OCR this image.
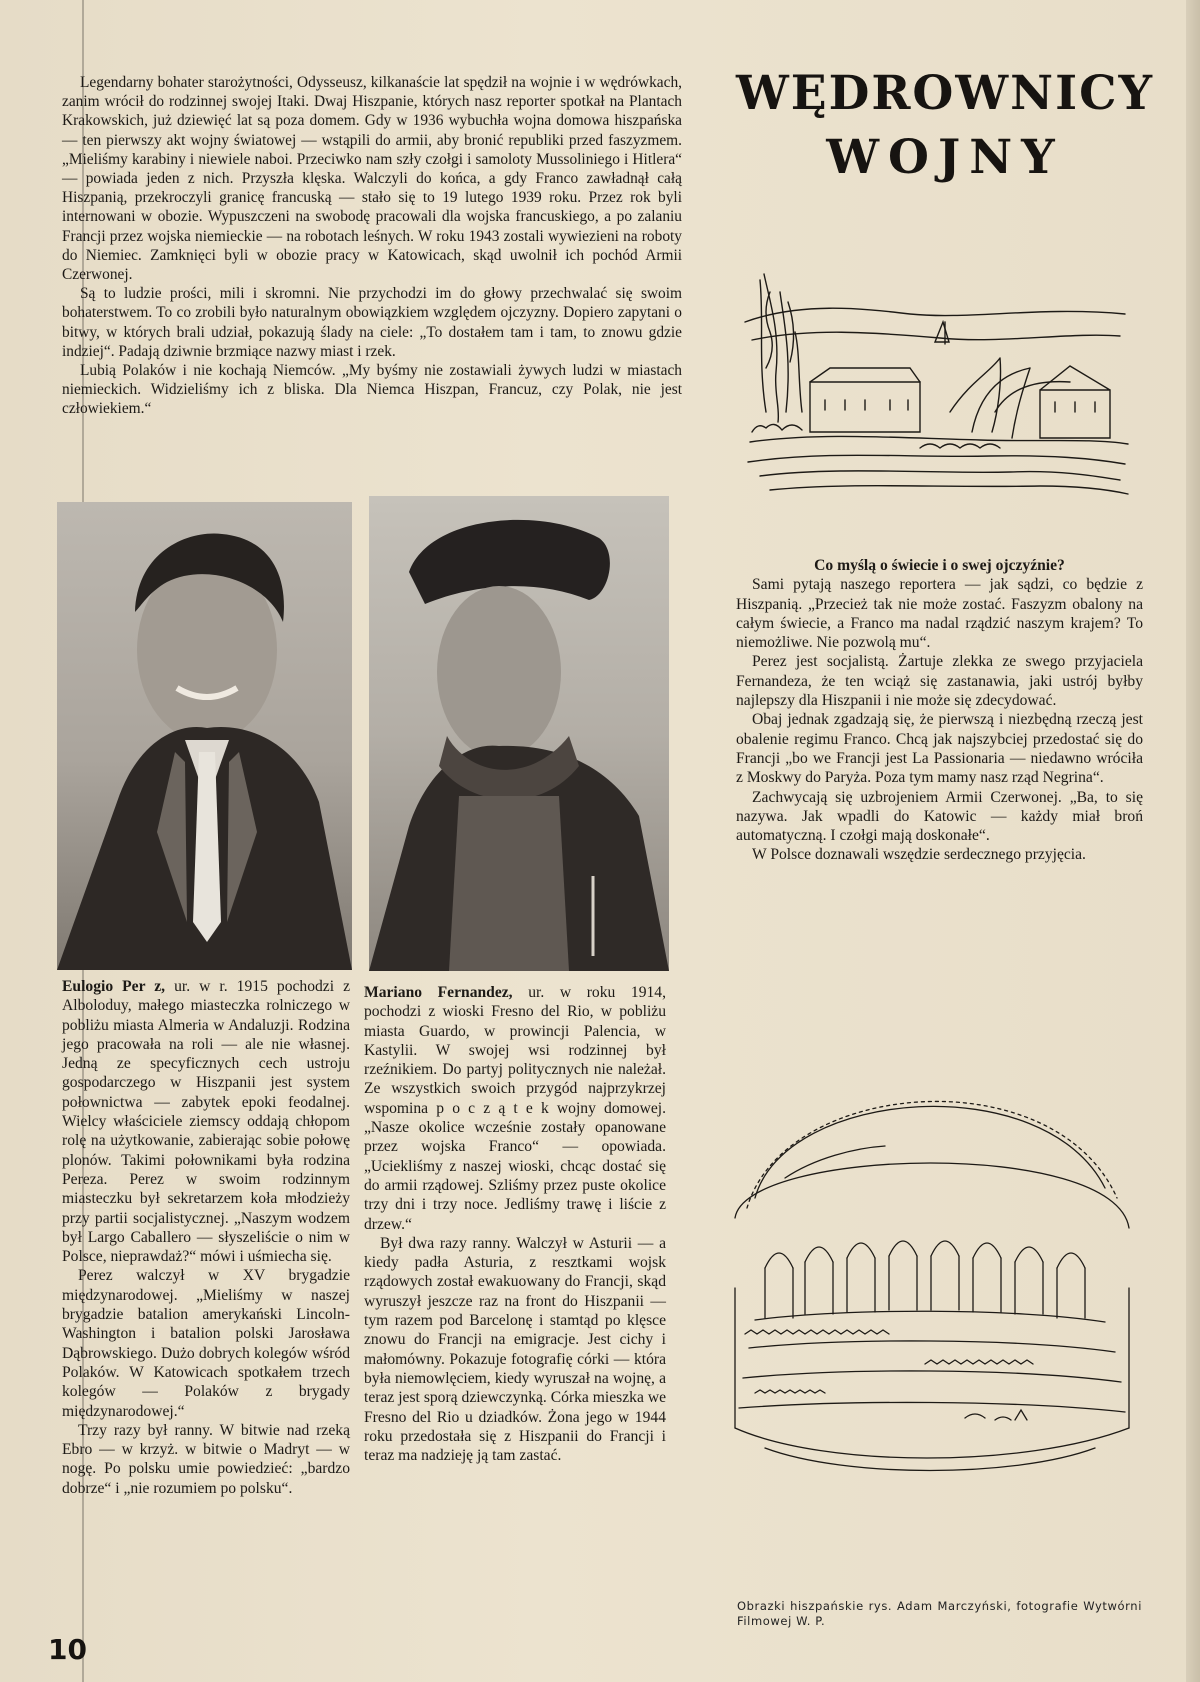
Legendarny bohater starożytności, Odysseusz, kilkanaście lat spędził na wojnie i w wędrówkach, zanim wrócił do rodzinnej swojej Itaki. Dwaj Hiszpanie, których nasz reporter spotkał na Plantach Krakowskich, już dziewięć lat są poza domem. Gdy w 1936 wybuchła wojna domowa hiszpańska — ten pierwszy akt wojny światowej — wstąpili do armii, aby bronić republiki przed faszyzmem. „Mieliśmy karabiny i niewiele naboi. Przeciwko nam szły czołgi i samoloty Mussoliniego i Hitlera“ — powiada jeden z nich. Przyszła klęska. Walczyli do końca, a gdy Franco zawładnął całą Hiszpanią, przekroczyli granicę francuską — stało się to 19 lutego 1939 roku. Przez rok byli internowani w obozie. Wypuszczeni na swobodę pracowali dla wojska francuskiego, a po zalaniu Francji przez wojska niemieckie — na robotach leśnych. W roku 1943 zostali wywiezieni na roboty do Niemiec. Zamknięci byli w obozie pracy w Katowicach, skąd uwolnił ich pochód Armii Czerwonej.

Są to ludzie prości, mili i skromni. Nie przychodzi im do głowy przechwalać się swoim bohaterstwem. To co zrobili było naturalnym obowiązkiem względem ojczyzny. Dopiero zapytani o bitwy, w których brali udział, pokazują ślady na ciele: „To dostałem tam i tam, to znowu gdzie indziej“. Padają dziwnie brzmiące nazwy miast i rzek.

Lubią Polaków i nie kochają Niemców. „My byśmy nie zostawiali żywych ludzi w miastach niemieckich. Widzieliśmy ich z bliska. Dla Niemca Hiszpan, Francuz, czy Polak, nie jest człowiekiem.“

WĘDROWNICY
WOJNY

Eulogio Per z, ur. w r. 1915 pochodzi z Alboloduy, małego miasteczka rolniczego w pobliżu miasta Almeria w Andaluzji. Rodzina jego pracowała na roli — ale nie własnej. Jedną ze specyficznych cech ustroju gospodarczego w Hiszpanii jest system połownictwa — zabytek epoki feodalnej. Wielcy właściciele ziemscy oddają chłopom rolę na użytkowanie, zabierając sobie połowę plonów. Takimi połownikami była rodzina Pereza. Perez w swoim rodzinnym miasteczku był sekretarzem koła młodzieży przy partii socjalistycznej. „Naszym wodzem był Largo Caballero — słyszeliście o nim w Polsce, nieprawdaż?“ mówi i uśmiecha się.

Perez walczył w XV brygadzie międzynarodowej. „Mieliśmy w naszej brygadzie batalion amerykański Lincoln-Washington i batalion polski Jarosława Dąbrowskiego. Dużo dobrych kolegów wśród Polaków. W Katowicach spotkałem trzech kolegów — Polaków z brygady międzynarodowej.“

Trzy razy był ranny. W bitwie nad rzeką Ebro — w krzyż. w bitwie o Madryt — w nogę. Po polsku umie powiedzieć: „bardzo dobrze“ i „nie rozumiem po polsku“.

Mariano Fernandez, ur. w roku 1914, pochodzi z wioski Fresno del Rio, w pobliżu miasta Guardo, w prowincji Palencia, w Kastylii. W swojej wsi rodzinnej był rzeźnikiem. Do partyj politycznych nie należał. Ze wszystkich swoich przygód najprzykrzej wspomina p o c z ą t e k wojny domowej. „Nasze okolice wcześnie zostały opanowane przez wojska Franco“ — opowiada. „Uciekliśmy z naszej wioski, chcąc dostać się do armii rządowej. Szliśmy przez puste okolice trzy dni i trzy noce. Jedliśmy trawę i liście z drzew.“

Był dwa razy ranny. Walczył w Asturii — a kiedy padła Asturia, z resztkami wojsk rządowych został ewakuowany do Francji, skąd wyruszył jeszcze raz na front do Hiszpanii — tym razem pod Barcelonę i stamtąd po klęsce znowu do Francji na emigracje. Jest cichy i małomówny. Pokazuje fotografię córki — która była niemowlęciem, kiedy wyruszał na wojnę, a teraz jest sporą dziewczynką. Córka mieszka we Fresno del Rio u dziadków. Żona jego w 1944 roku przedostała się z Hiszpanii do Francji i teraz ma nadzieję ją tam zastać.

Co myślą o świecie i o swej ojczyźnie?

Sami pytają naszego reportera — jak sądzi, co będzie z Hiszpanią. „Przecież tak nie może zostać. Faszyzm obalony na całym świecie, a Franco ma nadal rządzić naszym krajem? To niemożliwe. Nie pozwolą mu“.

Perez jest socjalistą. Żartuje zlekka ze swego przyjaciela Fernandeza, że ten wciąż się zastanawia, jaki ustrój byłby najlepszy dla Hiszpanii i nie może się zdecydować.

Obaj jednak zgadzają się, że pierwszą i niezbędną rzeczą jest obalenie regimu Franco. Chcą jak najszybciej przedostać się do Francji „bo we Francji jest La Passionaria — niedawno wróciła z Moskwy do Paryża. Poza tym mamy nasz rząd Negrina“.

Zachwycają się uzbrojeniem Armii Czerwonej. „Ba, to się nazywa. Jak wpadli do Katowic — każdy miał broń automatyczną. I czołgi mają doskonałe“.

W Polsce doznawali wszędzie serdecznego przyjęcia.

Obrazki hiszpańskie rys. Adam Marczyński, fotografie Wytwórni Filmowej W. P.
10
